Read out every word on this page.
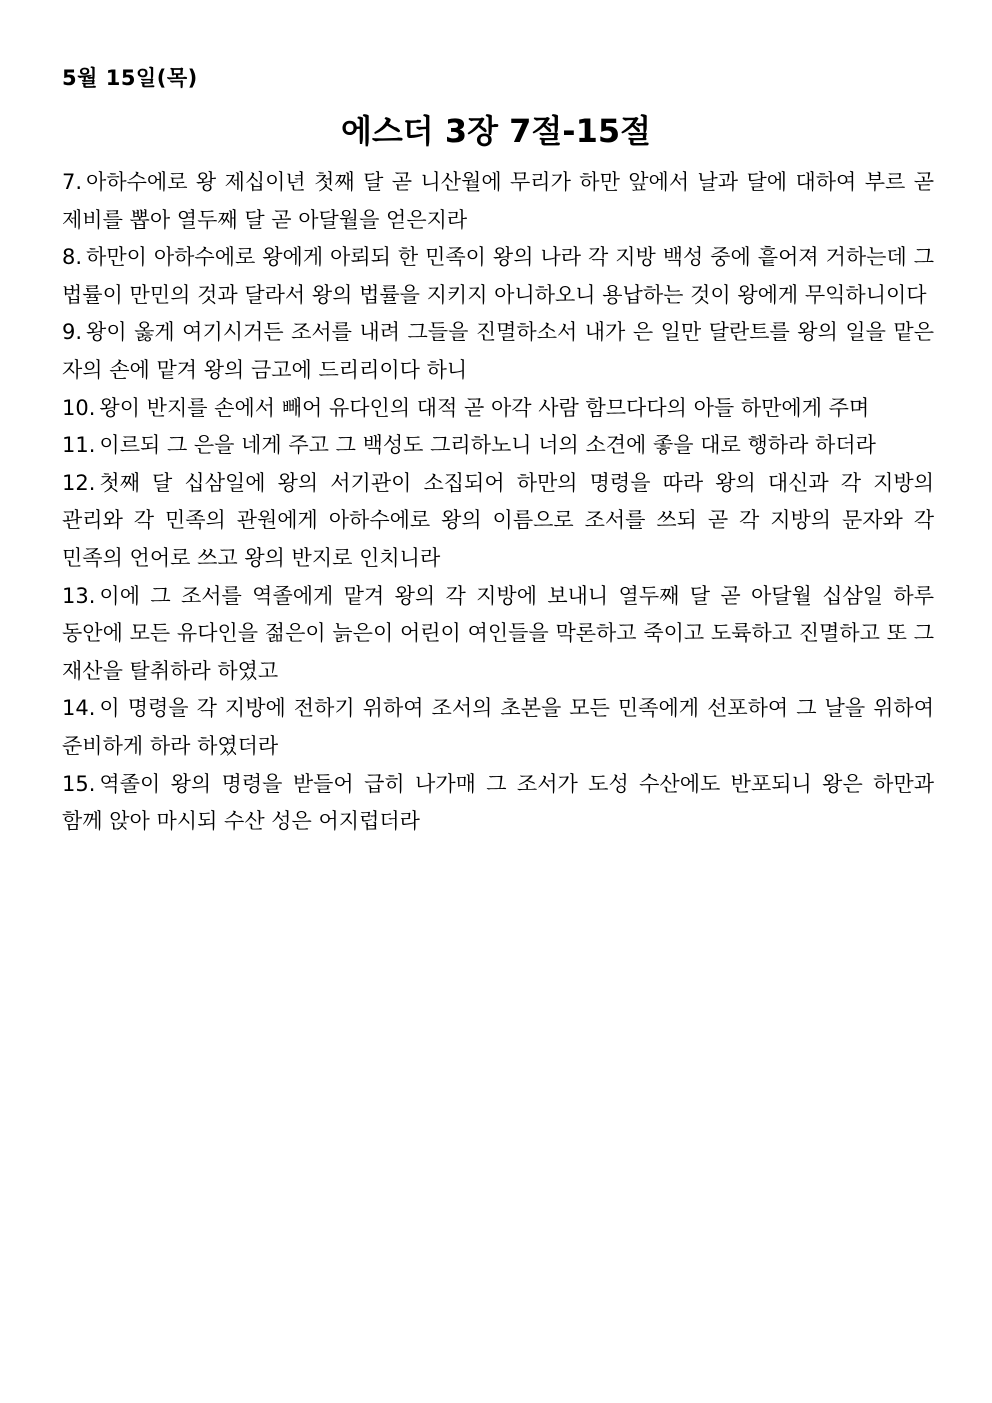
5월 15일(목)
에스더 3장 7절-15절

7. 아하수에로 왕 제십이년 첫째 달 곧 니산월에 무리가 하만 앞에서 날과 달에 대하여 부르 곧 제비를 뽑아 열두째 달 곧 아달월을 얻은지라

8. 하만이 아하수에로 왕에게 아뢰되 한 민족이 왕의 나라 각 지방 백성 중에 흩어져 거하는데 그 법률이 만민의 것과 달라서 왕의 법률을 지키지 아니하오니 용납하는 것이 왕에게 무익하니이다

9. 왕이 옳게 여기시거든 조서를 내려 그들을 진멸하소서 내가 은 일만 달란트를 왕의 일을 맡은 자의 손에 맡겨 왕의 금고에 드리리이다 하니

10. 왕이 반지를 손에서 빼어 유다인의 대적 곧 아각 사람 함므다다의 아들 하만에게 주며

11. 이르되 그 은을 네게 주고 그 백성도 그리하노니 너의 소견에 좋을 대로 행하라 하더라

12. 첫째 달 십삼일에 왕의 서기관이 소집되어 하만의 명령을 따라 왕의 대신과 각 지방의 관리와 각 민족의 관원에게 아하수에로 왕의 이름으로 조서를 쓰되 곧 각 지방의 문자와 각 민족의 언어로 쓰고 왕의 반지로 인치니라

13. 이에 그 조서를 역졸에게 맡겨 왕의 각 지방에 보내니 열두째 달 곧 아달월 십삼일 하루 동안에 모든 유다인을 젊은이 늙은이 어린이 여인들을 막론하고 죽이고 도륙하고 진멸하고 또 그 재산을 탈취하라 하였고

14. 이 명령을 각 지방에 전하기 위하여 조서의 초본을 모든 민족에게 선포하여 그 날을 위하여 준비하게 하라 하였더라

15. 역졸이 왕의 명령을 받들어 급히 나가매 그 조서가 도성 수산에도 반포되니 왕은 하만과 함께 앉아 마시되 수산 성은 어지럽더라
